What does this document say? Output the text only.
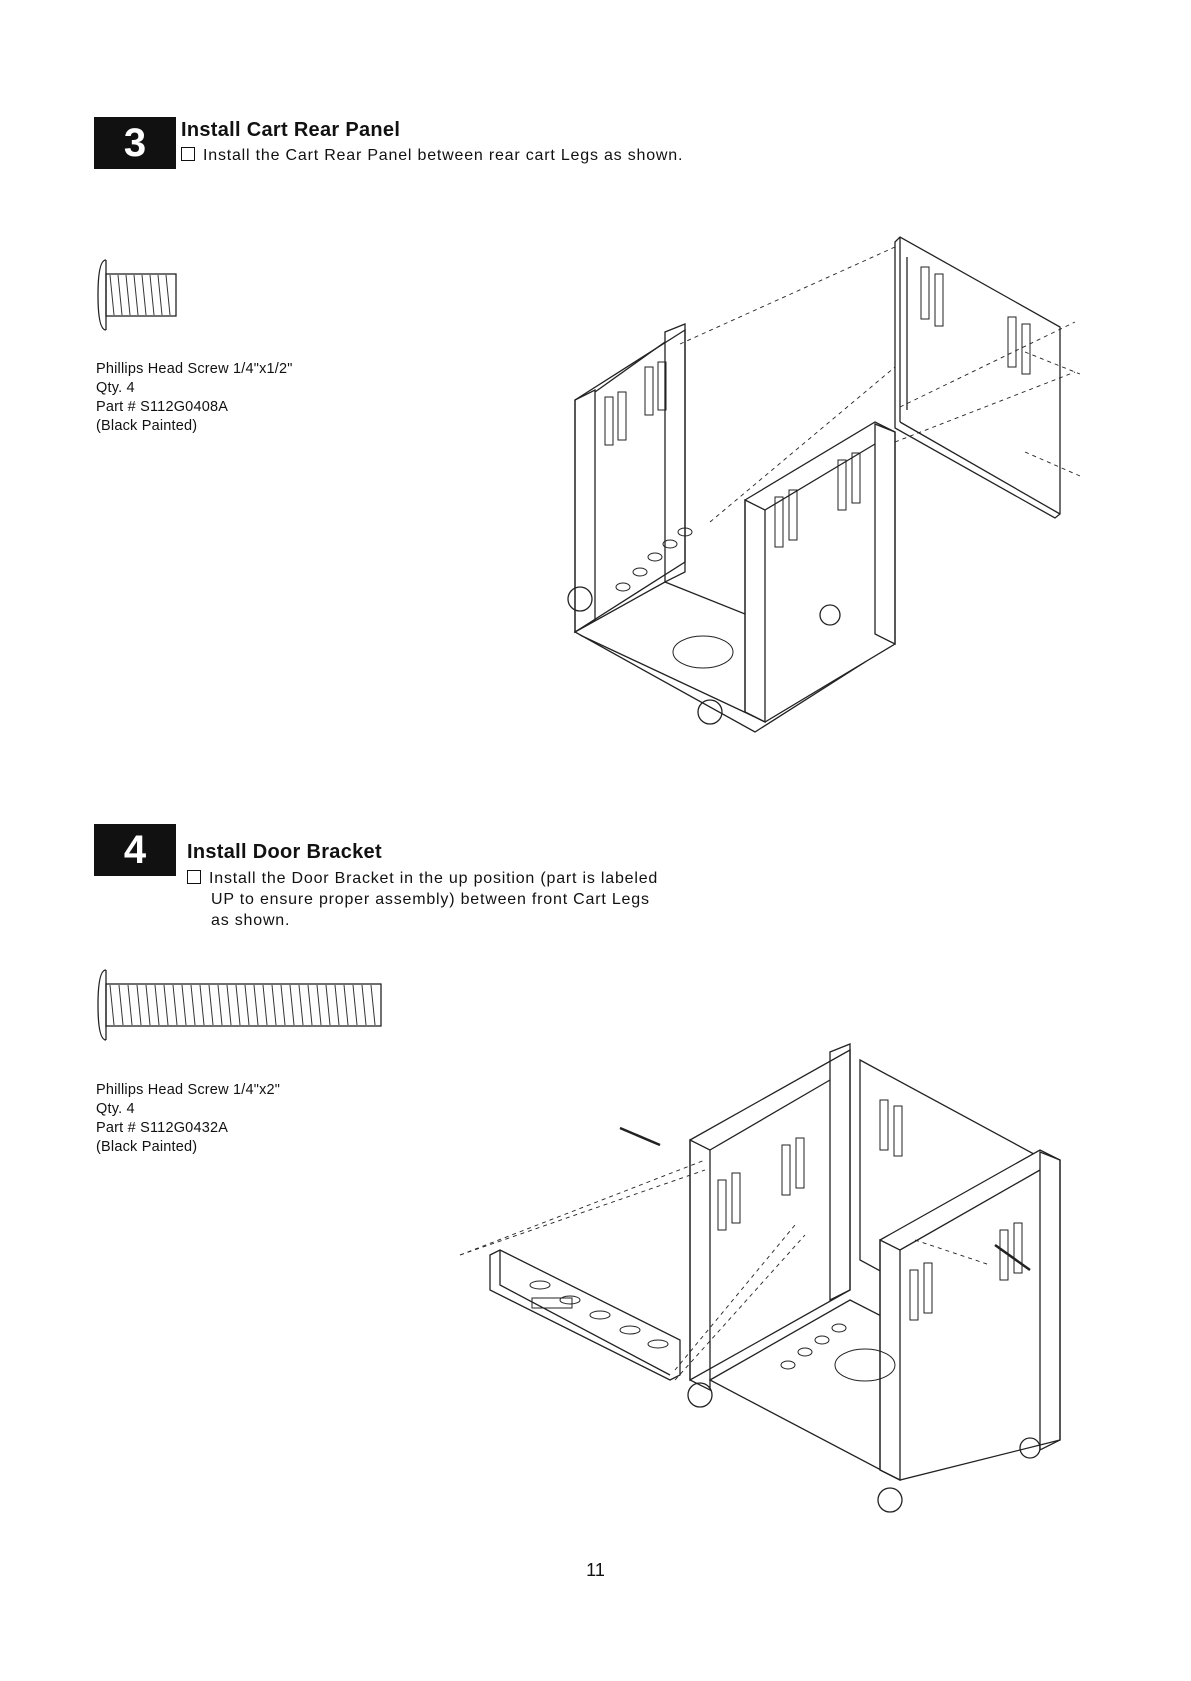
3 Install Cart Rear Panel
Install the Cart Rear Panel between rear cart Legs as shown.
Phillips Head Screw 1/4"x1/2"
Qty. 4
Part # S112G0408A
(Black Painted)
4 Install Door Bracket
Install the Door Bracket in the up position (part is labeled
UP to ensure proper assembly) between front Cart Legs
as shown.
Phillips Head Screw 1/4"x2"
Qty. 4
Part # S112G0432A
(Black Painted)
11
